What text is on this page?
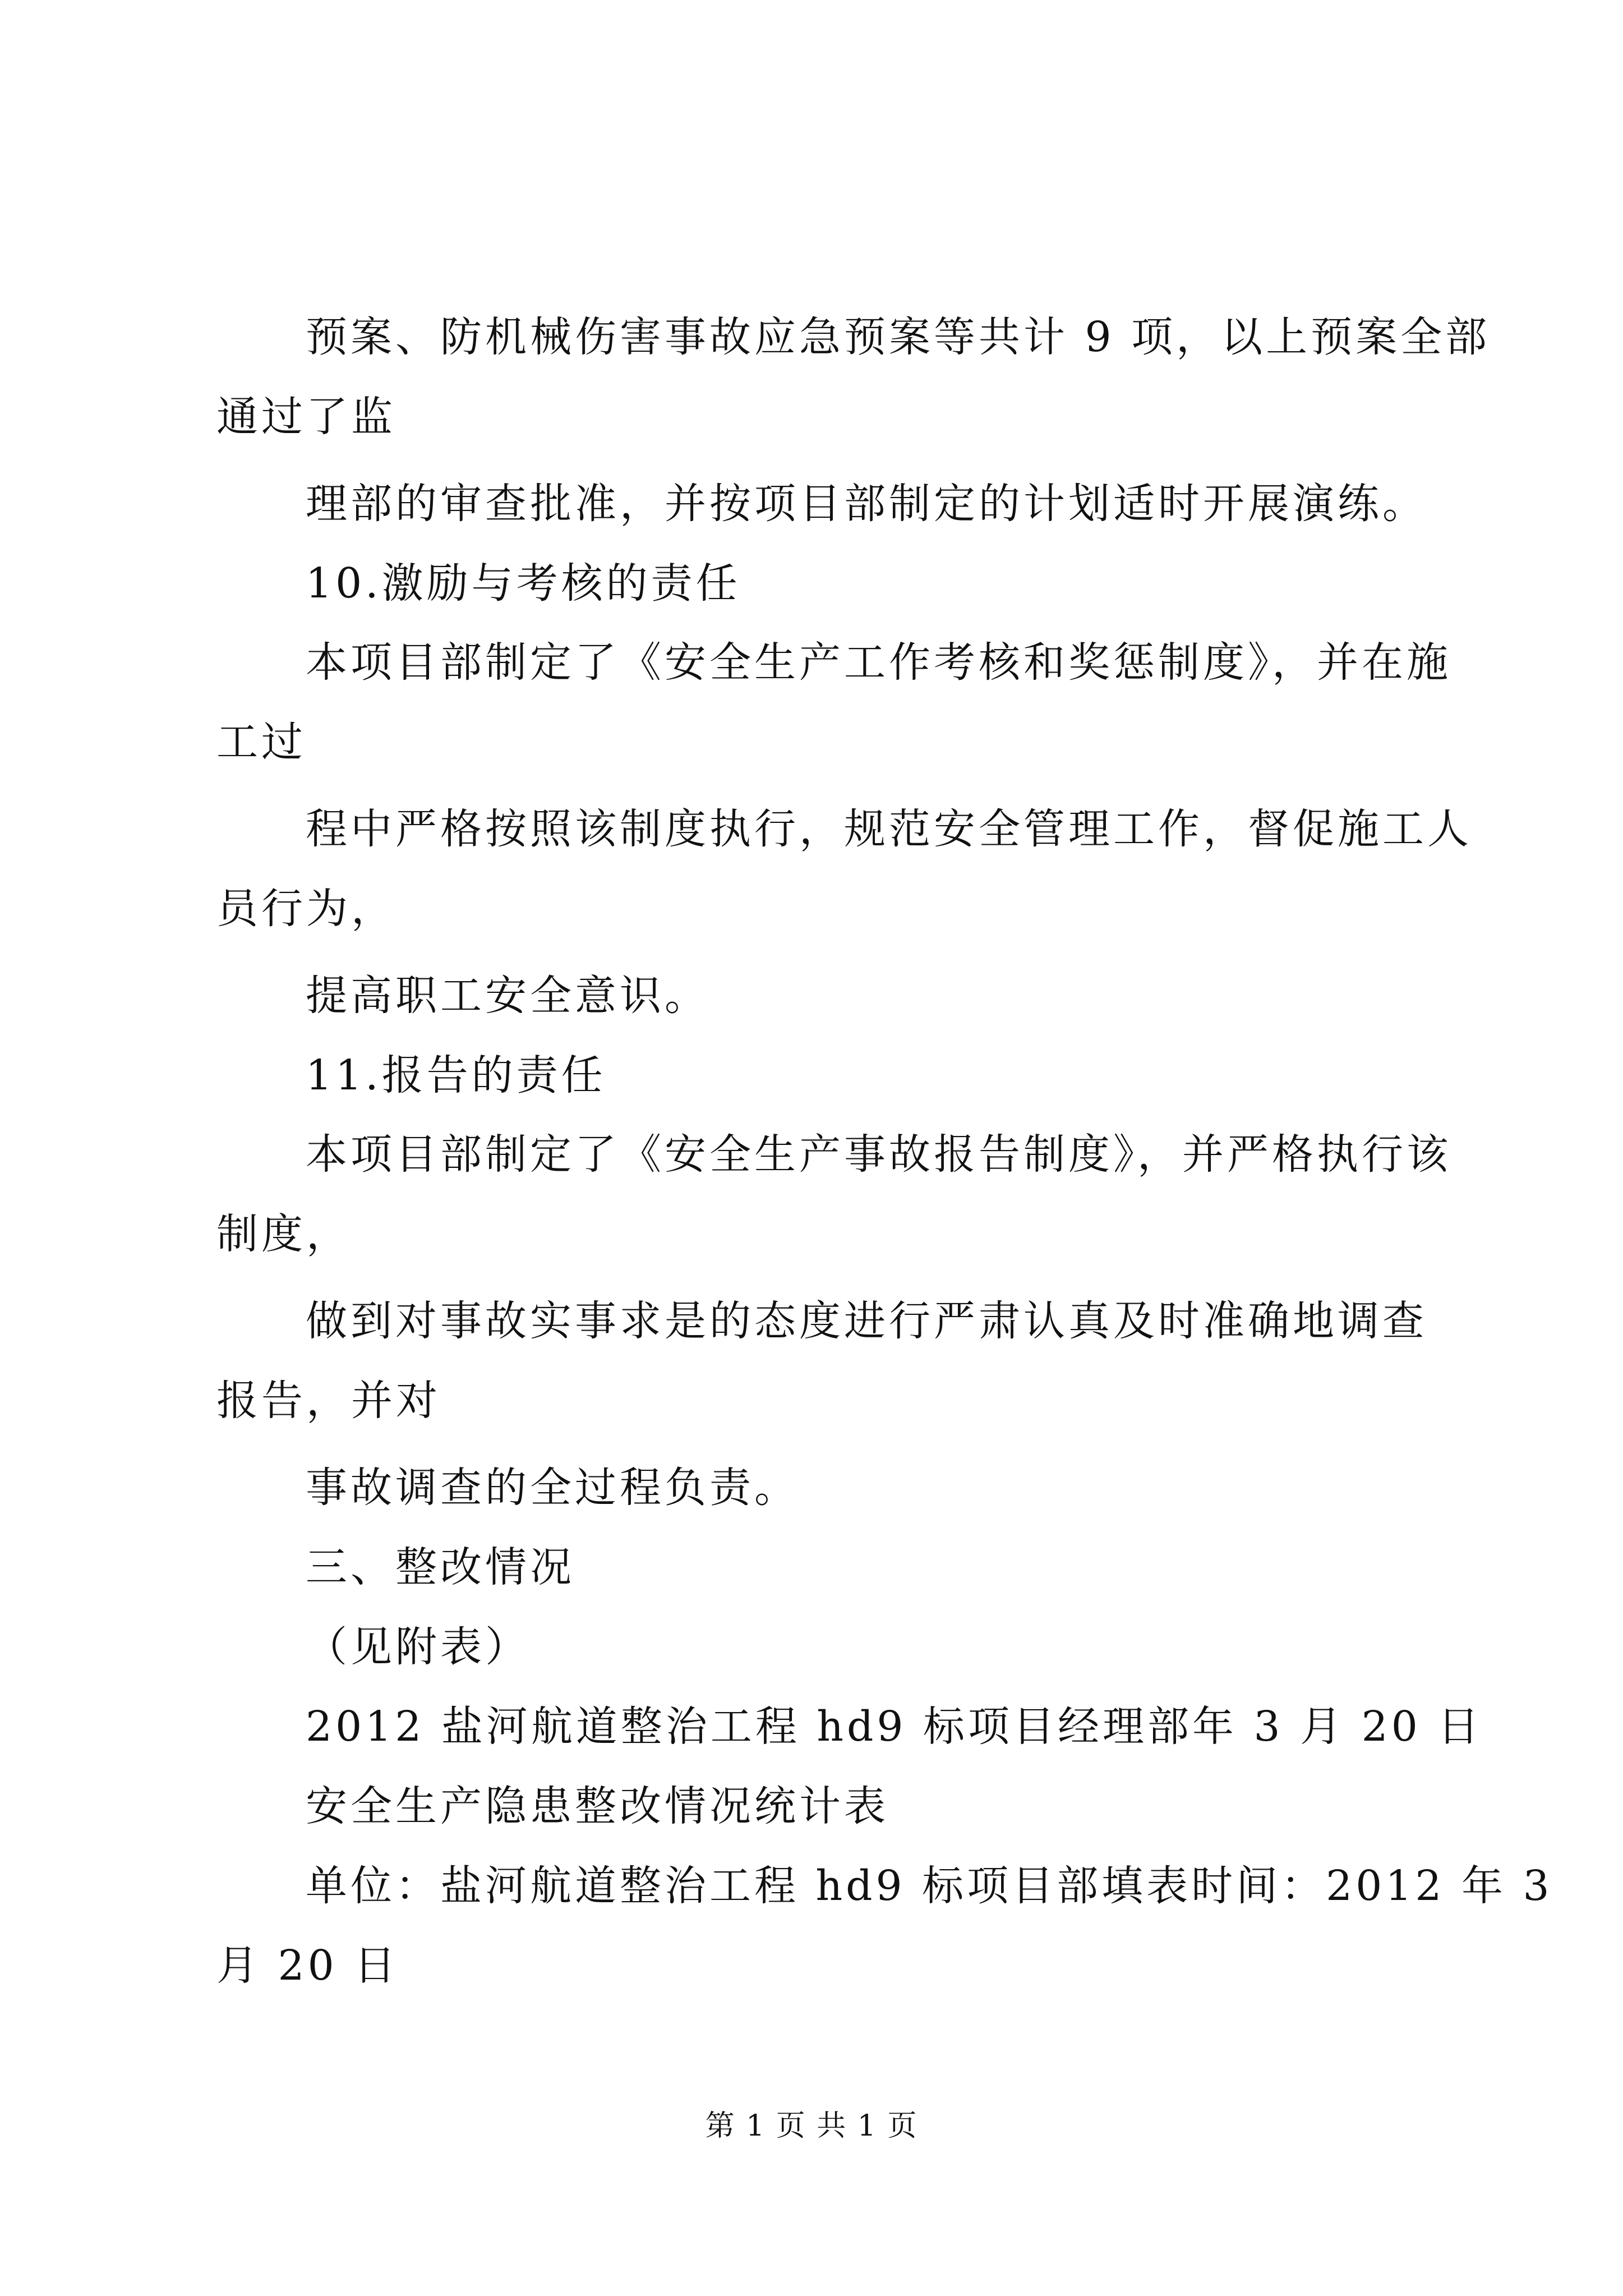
预案、防机械伤害事故应急预案等共计 9 项，以上预案全部
通过了监
理部的审查批准，并按项目部制定的计划适时开展演练。
10.激励与考核的责任
本项目部制定了《安全生产工作考核和奖惩制度》，并在施
工过
程中严格按照该制度执行，规范安全管理工作，督促施工人
员行为，
提高职工安全意识。
11.报告的责任
本项目部制定了《安全生产事故报告制度》，并严格执行该
制度，
做到对事故实事求是的态度进行严肃认真及时准确地调查
报告，并对
事故调查的全过程负责。
三、整改情况
（见附表）
2012 盐河航道整治工程 hd9 标项目经理部年 3 月 20 日
安全生产隐患整改情况统计表
单位：盐河航道整治工程 hd9 标项目部填表时间：2012 年 3
月 20 日
第 1 页 共 1 页
